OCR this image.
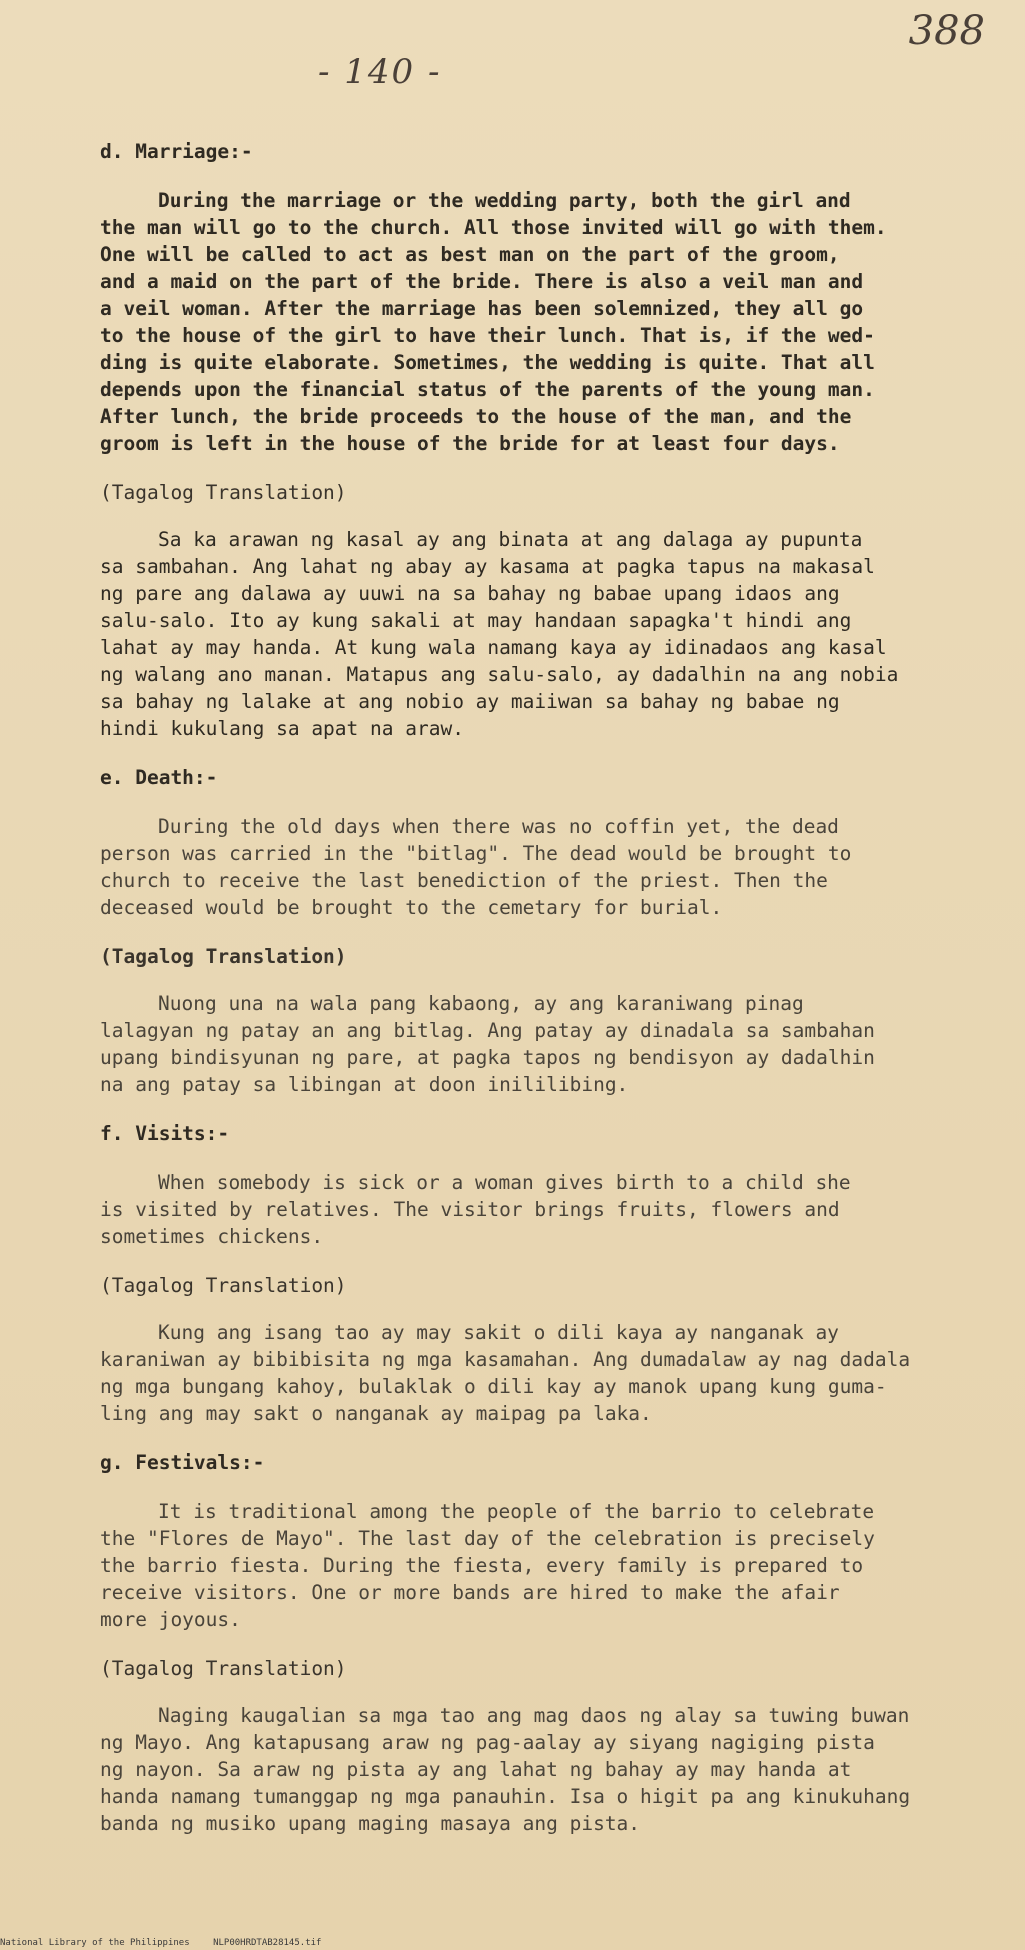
388
- 140 -
d. Marriage:-
During the marriage or the wedding party, both the girl and
the man will go to the church. All those invited will go with them.
One will be called to act as best man on the part of the groom,
and a maid on the part of the bride. There is also a veil man and
a veil woman. After the marriage has been solemnized, they all go
to the house of the girl to have their lunch. That is, if the wed-
ding is quite elaborate. Sometimes, the wedding is quite. That all
depends upon the financial status of the parents of the young man.
After lunch, the bride proceeds to the house of the man, and the
groom is left in the house of the bride for at least four days.
(Tagalog Translation)
Sa ka arawan ng kasal ay ang binata at ang dalaga ay pupunta
sa sambahan. Ang lahat ng abay ay kasama at pagka tapus na makasal
ng pare ang dalawa ay uuwi na sa bahay ng babae upang idaos ang
salu-salo. Ito ay kung sakali at may handaan sapagka't hindi ang
lahat ay may handa. At kung wala namang kaya ay idinadaos ang kasal
ng walang ano manan. Matapus ang salu-salo, ay dadalhin na ang nobia
sa bahay ng lalake at ang nobio ay maiiwan sa bahay ng babae ng
hindi kukulang sa apat na araw.
e. Death:-
During the old days when there was no coffin yet, the dead
person was carried in the "bitlag". The dead would be brought to
church to receive the last benediction of the priest. Then the
deceased would be brought to the cemetary for burial.
(Tagalog Translation)
Nuong una na wala pang kabaong, ay ang karaniwang pinag
lalagyan ng patay an ang bitlag. Ang patay ay dinadala sa sambahan
upang bindisyunan ng pare, at pagka tapos ng bendisyon ay dadalhin
na ang patay sa libingan at doon inililibing.
f. Visits:-
When somebody is sick or a woman gives birth to a child she
is visited by relatives. The visitor brings fruits, flowers and
sometimes chickens.
(Tagalog Translation)
Kung ang isang tao ay may sakit o dili kaya ay nanganak ay
karaniwan ay bibibisita ng mga kasamahan. Ang dumadalaw ay nag dadala
ng mga bungang kahoy, bulaklak o dili kay ay manok upang kung guma-
ling ang may sakt o nanganak ay maipag pa laka.
g. Festivals:-
It is traditional among the people of the barrio to celebrate
the "Flores de Mayo". The last day of the celebration is precisely
the barrio fiesta. During the fiesta, every family is prepared to
receive visitors. One or more bands are hired to make the afair
more joyous.
(Tagalog Translation)
Naging kaugalian sa mga tao ang mag daos ng alay sa tuwing buwan
ng Mayo. Ang katapusang araw ng pag-aalay ay siyang nagiging pista
ng nayon. Sa araw ng pista ay ang lahat ng bahay ay may handa at
handa namang tumanggap ng mga panauhin. Isa o higit pa ang kinukuhang
banda ng musiko upang maging masaya ang pista.
National Library of the Philippines	NLP00HRDTAB28145.tif
